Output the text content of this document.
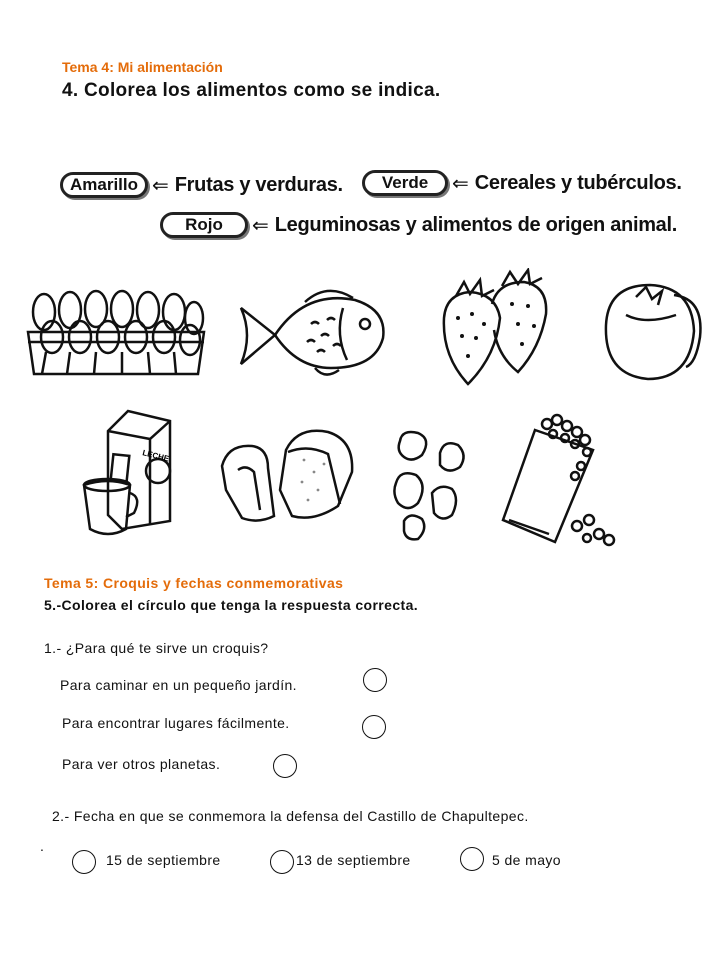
Tema 4: Mi alimentación
4. Colorea los alimentos como se indica.
Amarillo ⇐ Frutas y verduras.	Verde	⇐ Cereales y tubérculos.
Rojo	⇐ Leguminosas y alimentos de origen animal.
LECHE
Tema 5: Croquis y fechas conmemorativas
5.-Colorea el círculo que tenga la respuesta correcta.
1.- ¿Para qué te sirve un croquis?
Para caminar en un pequeño jardín.
Para encontrar lugares fácilmente.
Para ver otros planetas.
2.- Fecha en que se conmemora la defensa del Castillo de Chapultepec.
.
15 de septiembre	13 de septiembre	5 de mayo
